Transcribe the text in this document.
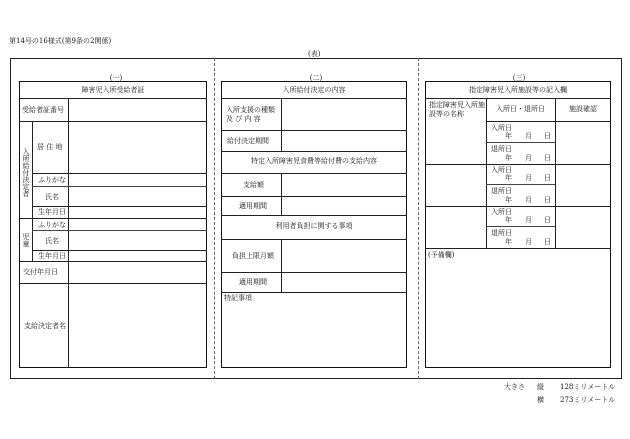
第14号の16様式(第9条の2関係)
(表)
(一)
障害児入所受給者証
受給者証番号
入所給付決定者
居 住 地
ふりがな
氏名
生年月日
児童
ふりがな
氏名
生年月日
交付年月日
支給決定者名
(二)
入所給付決定の内容
入所支援の種類及 び 内 容
給付決定期間
特定入所障害児食費等給付費の支給内容
支給額
適用期間
利用者負担に関する事項
負担上限月額
適用期間
特記事項
(三)
指定障害児入所施設等の記入欄
指定障害児入所施設等の名称
入所日・退所日	施設確認
入所日
年 月 日
退所日
年 月 日
入所日
年 月 日
退所日
年 月 日
入所日
年 月 日
退所日
年 月 日
(予備欄)
大きさ 縦 128ミリメートル
横 273ミリメートル
